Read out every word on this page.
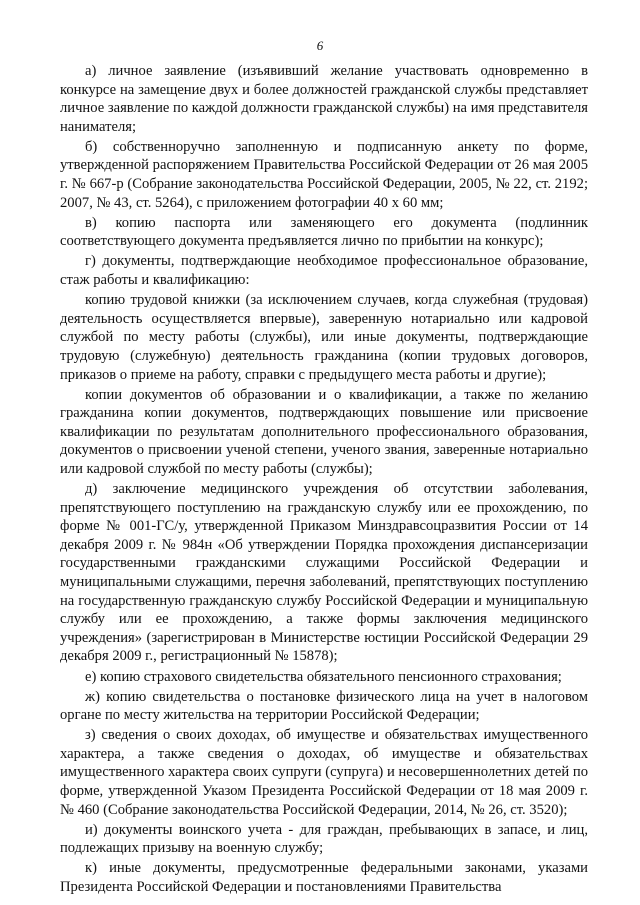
6

а) личное заявление (изъявивший желание участвовать одновременно в конкурсе на замещение двух и более должностей гражданской службы представляет личное заявление по каждой должности гражданской службы) на имя представителя нанимателя;

б) собственноручно заполненную и подписанную анкету по форме, утвержденной распоряжением Правительства Российской Федерации от 26 мая 2005 г. № 667-р (Собрание законодательства Российской Федерации, 2005, № 22, ст. 2192; 2007, № 43, ст. 5264), с приложением фотографии 40 х 60 мм;

в) копию паспорта или заменяющего его документа (подлинник соответствующего документа предъявляется лично по прибытии на конкурс);

г) документы, подтверждающие необходимое профессиональное образование, стаж работы и квалификацию:

копию трудовой книжки (за исключением случаев, когда служебная (трудовая) деятельность осуществляется впервые), заверенную нотариально или кадровой службой по месту работы (службы), или иные документы, подтверждающие трудовую (служебную) деятельность гражданина (копии трудовых договоров, приказов о приеме на работу, справки с предыдущего места работы и другие);

копии документов об образовании и о квалификации, а также по желанию гражданина копии документов, подтверждающих повышение или присвоение квалификации по результатам дополнительного профессионального образования, документов о присвоении ученой степени, ученого звания, заверенные нотариально или кадровой службой по месту работы (службы);

д) заключение медицинского учреждения об отсутствии заболевания, препятствующего поступлению на гражданскую службу или ее прохождению, по форме № 001-ГС/у, утвержденной Приказом Минздравсоцразвития России от 14 декабря 2009 г. № 984н «Об утверждении Порядка прохождения диспансеризации государственными гражданскими служащими Российской Федерации и муниципальными служащими, перечня заболеваний, препятствующих поступлению на государственную гражданскую службу Российской Федерации и муниципальную службу или ее прохождению, а также формы заключения медицинского учреждения» (зарегистрирован в Министерстве юстиции Российской Федерации 29 декабря 2009 г., регистрационный № 15878);

е) копию страхового свидетельства обязательного пенсионного страхования;

ж) копию свидетельства о постановке физического лица на учет в налоговом органе по месту жительства на территории Российской Федерации;

з) сведения о своих доходах, об имуществе и обязательствах имущественного характера, а также сведения о доходах, об имуществе и обязательствах имущественного характера своих супруги (супруга) и несовершеннолетних детей по форме, утвержденной Указом Президента Российской Федерации от 18 мая 2009 г. № 460 (Собрание законодательства Российской Федерации, 2014, № 26, ст. 3520);

и) документы воинского учета - для граждан, пребывающих в запасе, и лиц, подлежащих призыву на военную службу;

к) иные документы, предусмотренные федеральными законами, указами Президента Российской Федерации и постановлениями Правительства
